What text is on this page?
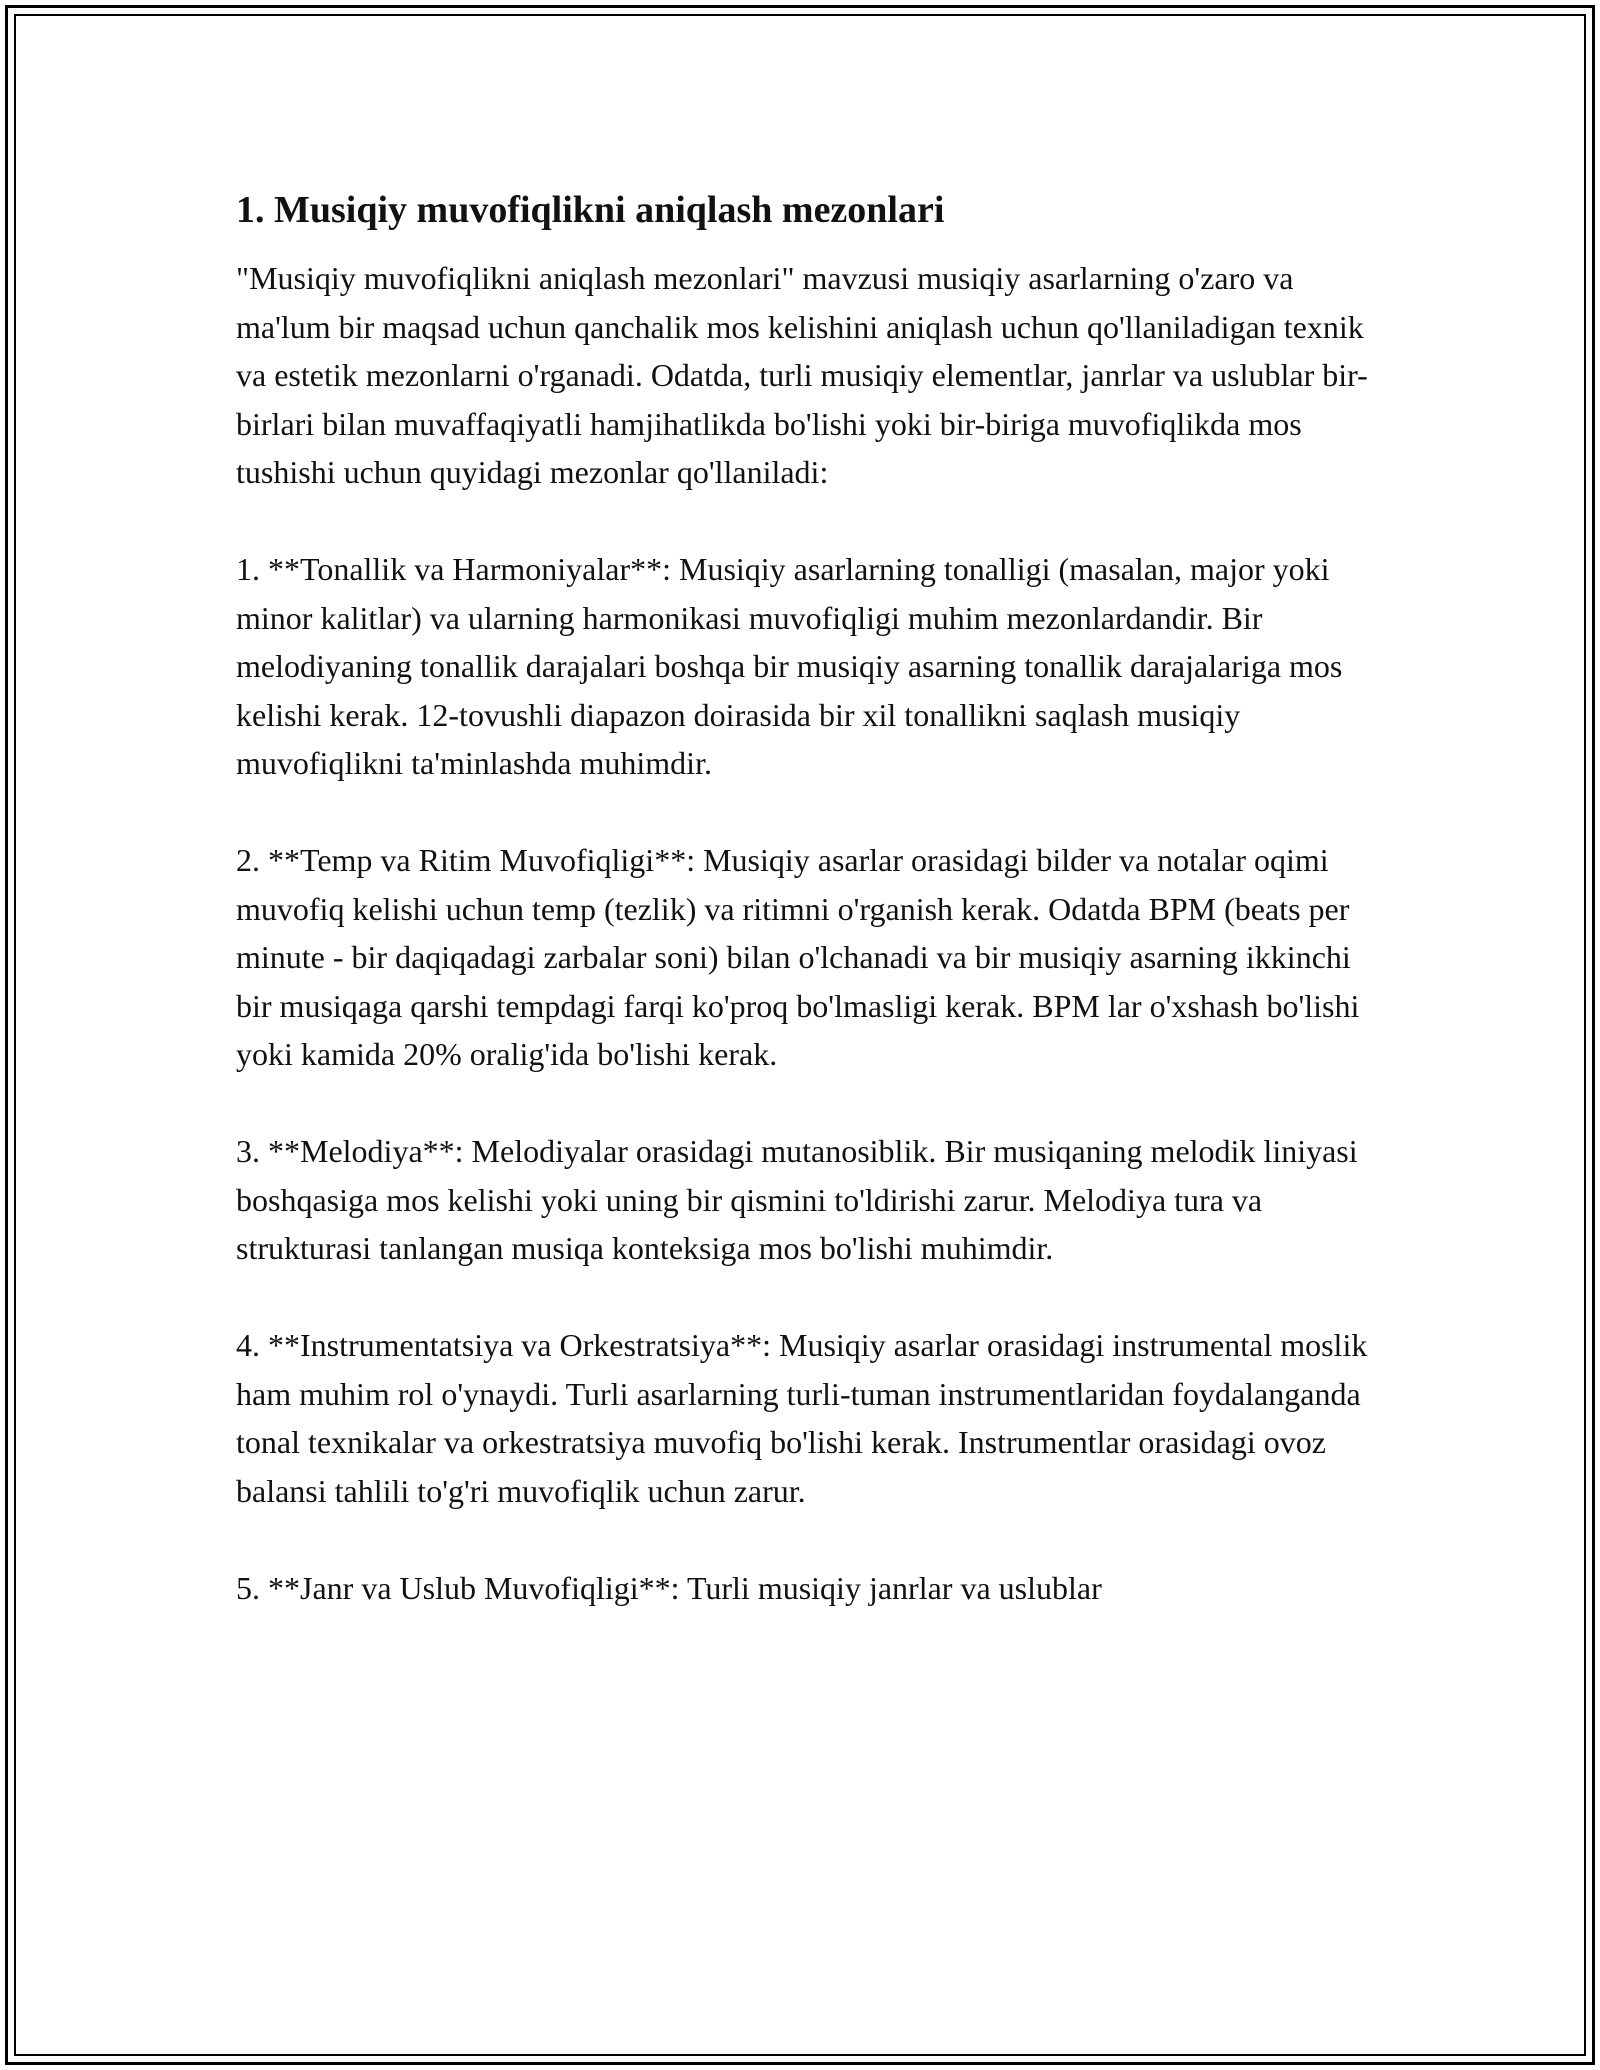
1. Musiqiy muvofiqlikni aniqlash mezonlari

"Musiqiy muvofiqlikni aniqlash mezonlari" mavzusi musiqiy asarlarning o'zaro va ma'lum bir maqsad uchun qanchalik mos kelishini aniqlash uchun qo'llaniladigan texnik va estetik mezonlarni o'rganadi. Odatda, turli musiqiy elementlar, janrlar va uslublar bir-birlari bilan muvaffaqiyatli hamjihatlikda bo'lishi yoki bir-biriga muvofiqlikda mos tushishi uchun quyidagi mezonlar qo'llaniladi:

1. **Tonallik va Harmoniyalar**: Musiqiy asarlarning tonalligi (masalan, major yoki minor kalitlar) va ularning harmonikasi muvofiqligi muhim mezonlardandir. Bir melodiyaning tonallik darajalari boshqa bir musiqiy asarning tonallik darajalariga mos kelishi kerak. 12-tovushli diapazon doirasida bir xil tonallikni saqlash musiqiy muvofiqlikni ta'minlashda muhimdir.

2. **Temp va Ritim Muvofiqligi**: Musiqiy asarlar orasidagi bilder va notalar oqimi muvofiq kelishi uchun temp (tezlik) va ritimni o'rganish kerak. Odatda BPM (beats per minute - bir daqiqadagi zarbalar soni) bilan o'lchanadi va bir musiqiy asarning ikkinchi bir musiqaga qarshi tempdagi farqi ko'proq bo'lmasligi kerak. BPM lar o'xshash bo'lishi yoki kamida 20% oralig'ida bo'lishi kerak.

3. **Melodiya**: Melodiyalar orasidagi mutanosiblik. Bir musiqaning melodik liniyasi boshqasiga mos kelishi yoki uning bir qismini to'ldirishi zarur. Melodiya tura va strukturasi tanlangan musiqa konteksiga mos bo'lishi muhimdir.

4. **Instrumentatsiya va Orkestratsiya**: Musiqiy asarlar orasidagi instrumental moslik ham muhim rol o'ynaydi. Turli asarlarning turli-tuman instrumentlaridan foydalanganda tonal texnikalar va orkestratsiya muvofiq bo'lishi kerak. Instrumentlar orasidagi ovoz balansi tahlili to'g'ri muvofiqlik uchun zarur.

5. **Janr va Uslub Muvofiqligi**: Turli musiqiy janrlar va uslublar
